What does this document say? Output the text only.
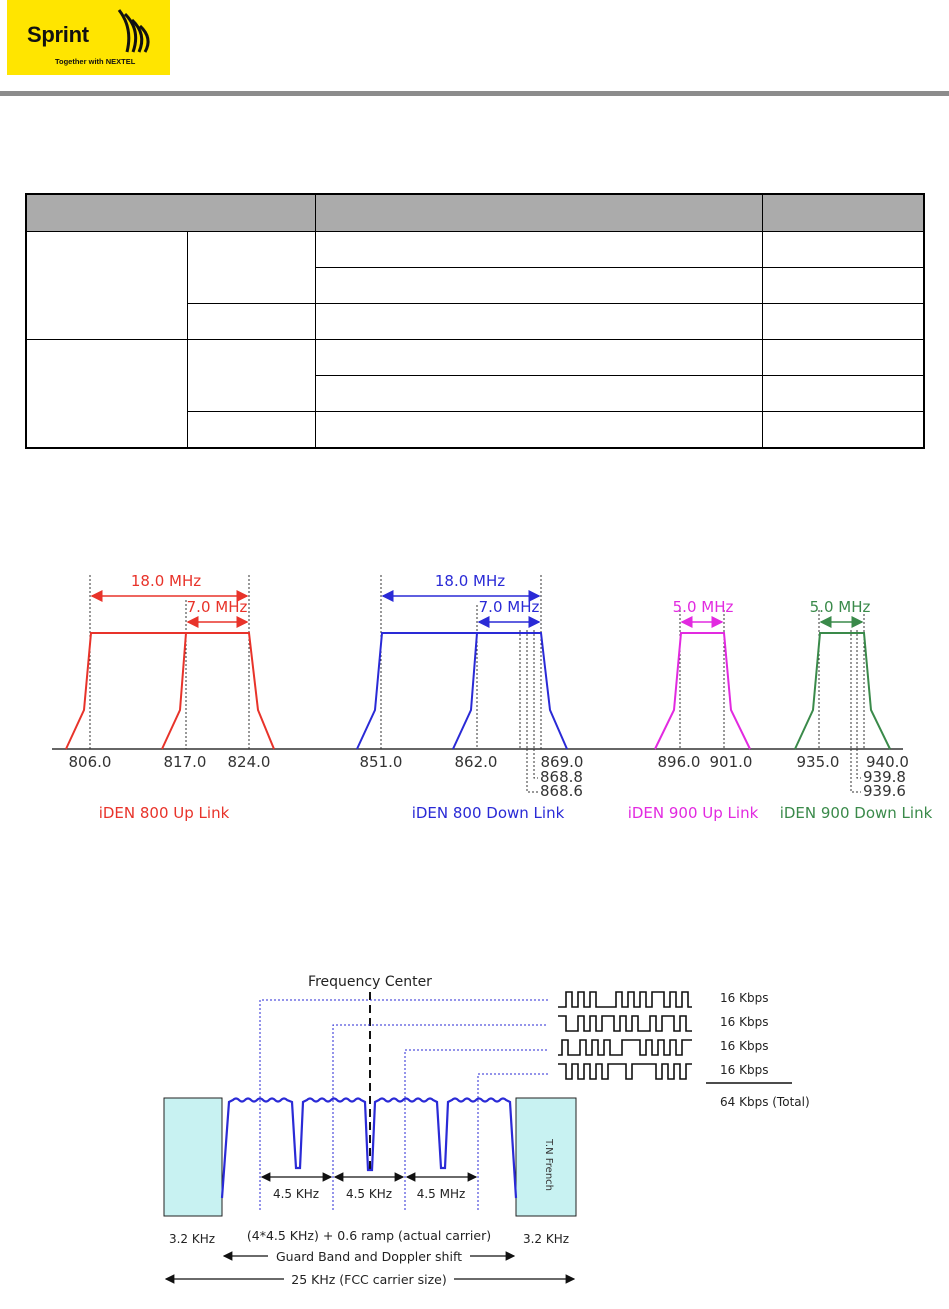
Sprint
Together with NEXTEL

18.0 MHz
7.0 MHz
806.0	817.0 824.0
iDEN 800 Up Link
18.0 MHz
7.0 MHz
851.0	862.0	869.0
868.8
868.6
iDEN 800 Down Link
5.0 MHz
896.0 901.0
iDEN 900 Up Link
5.0 MHz
935.0 940.0
939.8
939.6
iDEN 900 Down Link
Frequency Center
T.N French
16 Kbps
16 Kbps
16 Kbps
16 Kbps
64 Kbps (Total)
4.5 KHz 4.5 KHz 4.5 MHz
3.2 KHz	3.2 KHz
(4*4.5 KHz) + 0.6 ramp (actual carrier)
Guard Band and Doppler shift
25 KHz (FCC carrier size)
